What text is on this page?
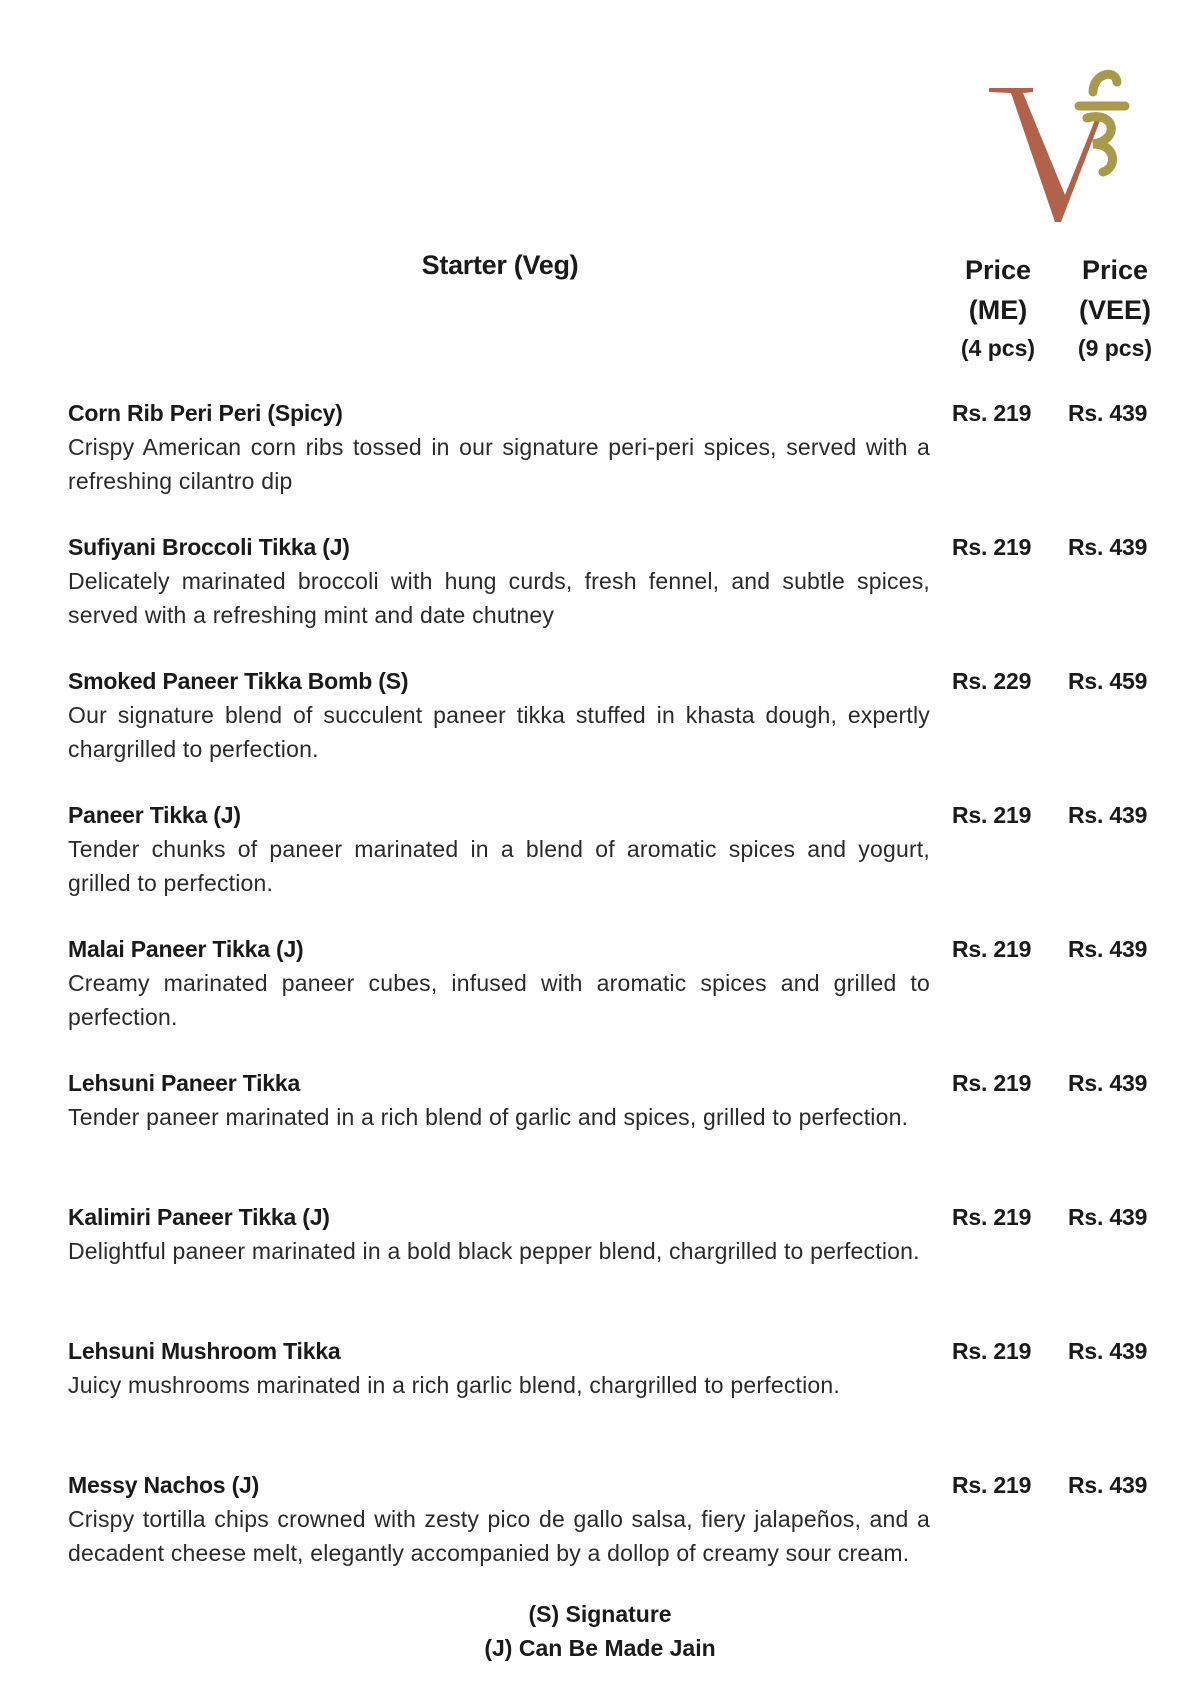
Starter (Veg)	Price
(ME)
(4 pcs)
Price
(VEE)
(9 pcs)
Corn Rib Peri Peri (Spicy)
Crispy American corn ribs tossed in our signature peri-peri spices, served with a refreshing cilantro dip
Rs. 219 Rs. 439
Sufiyani Broccoli Tikka (J)
Delicately marinated broccoli with hung curds, fresh fennel, and subtle spices, served with a refreshing mint and date chutney
Rs. 219 Rs. 439
Smoked Paneer Tikka Bomb (S)
Our signature blend of succulent paneer tikka stuffed in khasta dough, expertly chargrilled to perfection.
Rs. 229 Rs. 459
Paneer Tikka (J)
Tender chunks of paneer marinated in a blend of aromatic spices and yogurt, grilled to perfection.
Rs. 219 Rs. 439
Malai Paneer Tikka (J)
Creamy marinated paneer cubes, infused with aromatic spices and grilled to perfection.
Rs. 219 Rs. 439
Lehsuni Paneer Tikka
Tender paneer marinated in a rich blend of garlic and spices, grilled to perfection.
Rs. 219 Rs. 439
Kalimiri Paneer Tikka (J)
Delightful paneer marinated in a bold black pepper blend, chargrilled to perfection.
Rs. 219 Rs. 439
Lehsuni Mushroom Tikka
Juicy mushrooms marinated in a rich garlic blend, chargrilled to perfection.
Rs. 219 Rs. 439
Messy Nachos (J)
Crispy tortilla chips crowned with zesty pico de gallo salsa, fiery jalapeños, and a decadent cheese melt, elegantly accompanied by a dollop of creamy sour cream.
Rs. 219 Rs. 439
(S) Signature
(J) Can Be Made Jain
